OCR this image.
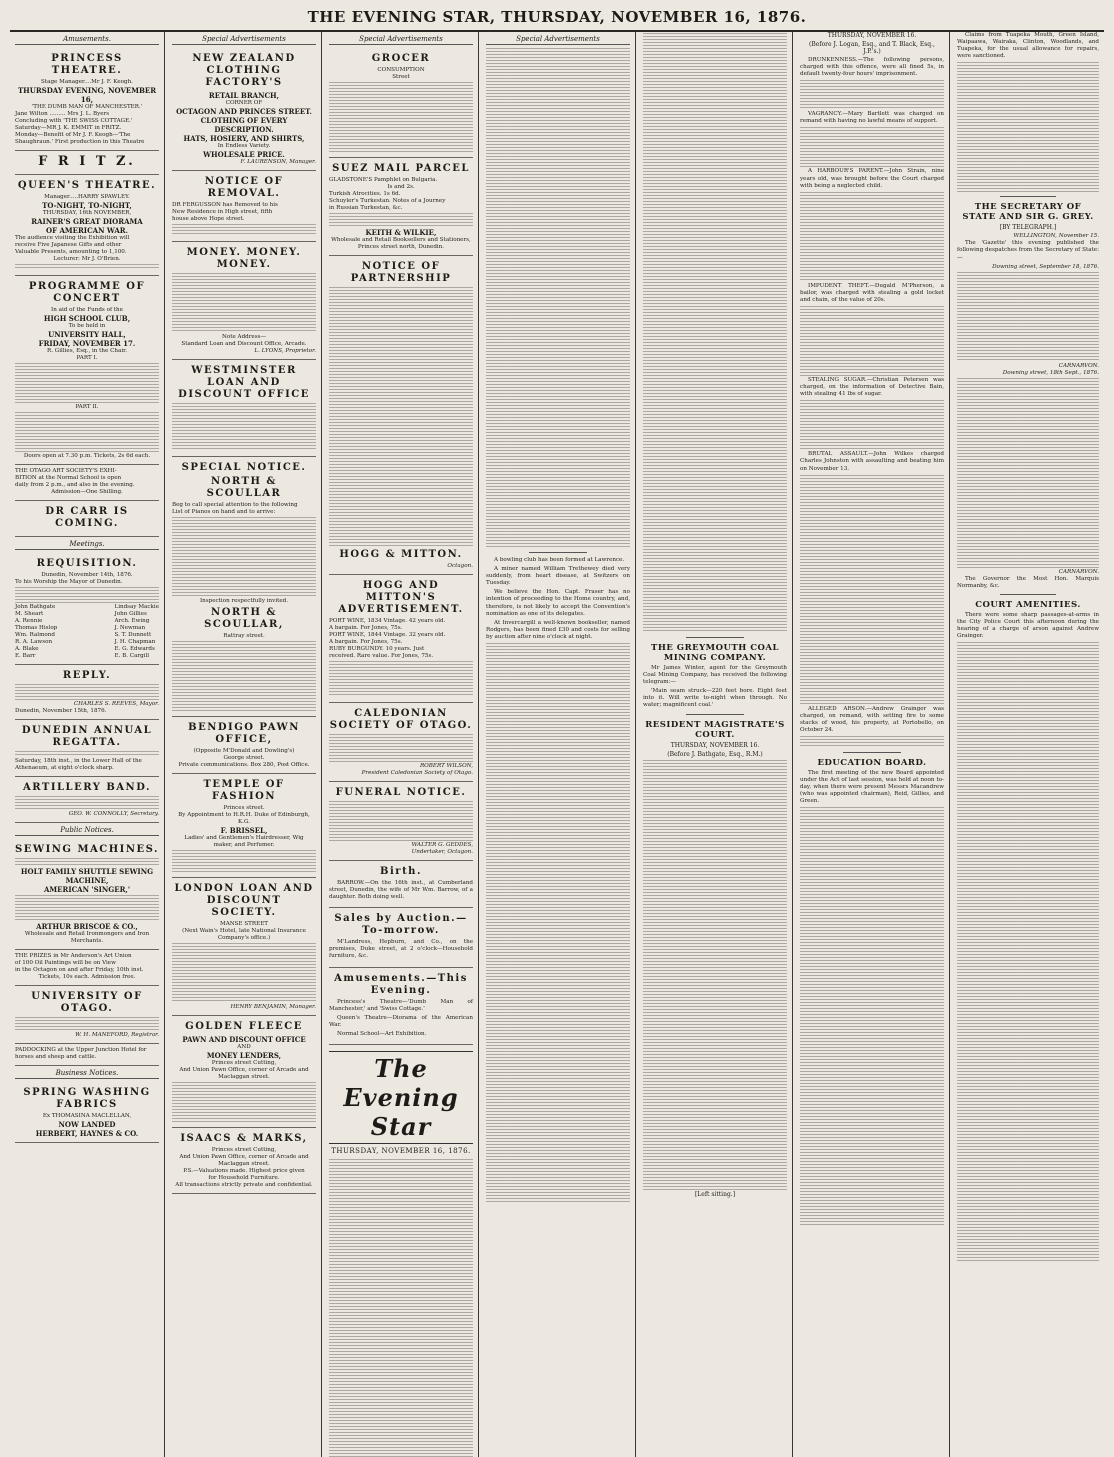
THE EVENING STAR, THURSDAY, NOVEMBER 16, 1876.
Amusements.
PRINCESS THEATRE.
Stage Manager....Mr J. F. Keogh.
THURSDAY EVENING, NOVEMBER 16,
'THE DUMB MAN OF MANCHESTER.'
Jane Wilton ......... Mrs J. L. Byers
Concluding with 'THE SWISS COTTAGE.'
Saturday—MR J. K. EMMIT in FRITZ.
Monday—Benefit of Mr J. F. Keogh—'The
Shaughraun.' First production in this Theatre
F R I T Z.
QUEEN'S THEATRE.
Manager.....HARRY SPAWLEY.
TO-NIGHT, TO-NIGHT,
THURSDAY, 16th NOVEMBER,
RAINER'S GREAT DIORAMA
OF AMERICAN WAR.
The audience visiting the Exhibition will
receive Five Japanese Gifts and other
Valuable Presents, amounting to 1,100.
Lecturer: Mr J. O'Brien.
PROGRAMME OF CONCERT
In aid of the Funds of the
HIGH SCHOOL CLUB,
To be held in
UNIVERSITY HALL,
FRIDAY, NOVEMBER 17.
R. Gillies, Esq., in the Chair.
PART I.
PART II.
Doors open at 7.30 p.m. Tickets, 2s 6d each.
THE OTAGO ART SOCIETY'S EXHI-
BITION at the Normal School is open
daily from 2 p.m., and also in the evening.
Admission—One Shilling.
DR CARR IS COMING.
Meetings.
REQUISITION.
Dunedin, November 14th, 1876.
To his Worship the Mayor of Dunedin.
John Bathgate
M. Sheart
A. Rennie
Thomas Hislop
Wm. Ralmond
R. A. Lawson
A. Blake
E. Barr
Lindsay Mackie
John Gillies
Arch. Ewing
J. Newman
S. T. Dunnett
J. H. Chapman
E. G. Edwards
E. B. Cargill
REPLY.
CHARLES S. REEVES, Mayor.
Dunedin, November 15th, 1876.
DUNEDIN ANNUAL REGATTA.
Saturday, 18th inst., in the Lower Hall of the Athenaeum, at eight o'clock sharp.
ARTILLERY BAND.
GEO. W. CONNOLLY, Secretary.
Public Notices.
SEWING MACHINES.
HOLT FAMILY SHUTTLE SEWING
MACHINE,
AMERICAN 'SINGER,'
ARTHUR BRISCOE & CO.,
Wholesale and Retail Ironmongers and Iron Merchants.
THE PRIZES in Mr Anderson's Art Union
of 100 Oil Paintings will be on View
in the Octagon on and after Friday, 10th inst.
Tickets, 10s each. Admission free.
UNIVERSITY OF OTAGO.
W. H. MANEFORD, Registrar.
PADDOCKING at the Upper Junction Hotel for horses and sheep and cattle.
Business Notices.
SPRING WASHING FABRICS
Ex THOMASINA MACLELLAN,
NOW LANDED
HERBERT, HAYNES & CO.
Special Advertisements
NEW ZEALAND CLOTHING FACTORY'S
RETAIL BRANCH,
CORNER OF
OCTAGON AND PRINCES STREET.
CLOTHING OF EVERY DESCRIPTION.
HATS, HOSIERY, AND SHIRTS,
In Endless Variety.
WHOLESALE PRICE.
F. LAURENSON, Manager.
NOTICE OF REMOVAL.
DR FERGUSSON has Removed to his
New Residence in High street, fifth
house above Hope street.
MONEY. MONEY. MONEY.
Note Address—
Standard Loan and Discount Office, Arcade.
L. LYONS, Proprietor.
WESTMINSTER LOAN AND DISCOUNT OFFICE
SPECIAL NOTICE.
NORTH & SCOULLAR
Beg to call special attention to the following
List of Pianos on hand and to arrive:
Inspection respectfully invited.
NORTH & SCOULLAR,
Rattray street.
BENDIGO PAWN OFFICE,
(Opposite M'Donald and Dowling's)
George street.
Private communications. Box 280, Post Office.
TEMPLE OF FASHION
Princes street.
By Appointment to H.R.H. Duke of Edinburgh, K.G.
F. BRISSEL,
Ladies' and Gentlemen's Hairdresser, Wig
maker, and Perfumer.
LONDON LOAN AND DISCOUNT SOCIETY.
MANSE STREET
(Next Wain's Hotel, late National Insurance
Company's office.)
HENRY BENJAMIN, Manager.
GOLDEN FLEECE
PAWN AND DISCOUNT OFFICE
AND
MONEY LENDERS,
Princes street Cutting,
And Union Pawn Office, corner of Arcade and
Maclaggan street.
ISAACS & MARKS,
Princes street Cutting,
And Union Pawn Office, corner of Arcade and
Maclaggan street.
P.S.—Valuations made. Highest price given
for Household Furniture.
All transactions strictly private and confidential.
Special Advertisements
GROCER
CONSUMPTION
Street
SUEZ MAIL PARCEL
GLADSTONE'S Pamphlet on Bulgaria.
Is and 2s.
Turkish Atrocities. 1s 6d.
Schuyler's Turkestan. Notes of a Journey
in Russian Turkestan, &c.
KEITH & WILKIE,
Wholesale and Retail Booksellers and Stationers,
Princes street north, Dunedin.
NOTICE OF PARTNERSHIP
HOGG & MITTON.
Octagon.
HOGG AND MITTON'S ADVERTISEMENT.
PORT WINE, 1834 Vintage. 42 years old.
A bargain. For Jones, 75s.
PORT WINE, 1844 Vintage. 32 years old.
A bargain. For Jones, 75s.
RUBY BURGUNDY. 10 years. Just
received. Rare value. For Jones, 75s.
CALEDONIAN SOCIETY OF OTAGO.
ROBERT WILSON,
President Caledonian Society of Otago.
FUNERAL NOTICE.
WALTER G. GEDDES,
Undertaker, Octagon.
Birth.
BARROW.—On the 16th inst., at Cumberland street, Dunedin, the wife of Mr Wm. Barrow, of a daughter. Both doing well.
Sales by Auction.—To-morrow.
M'Landress, Hepburn, and Co., on the premises, Duke street, at 2 o'clock—Household furniture, &c.
Amusements.—This Evening.
Princess's Theatre—'Dumb Man of Manchester,' and 'Swiss Cottage.'
Queen's Theatre—Diorama of the American War.
Normal School—Art Exhibition.
The Evening Star
THURSDAY, NOVEMBER 16, 1876.
Special Advertisements
A bowling club has been formed at Lawrence.
A miner named William Trethewey died very suddenly, from heart disease, at Switzers on Tuesday.
We believe the Hon. Capt. Fraser has no intention of proceeding to the Home country, and, therefore, is not likely to accept the Convention's nomination as one of its delegates.
At Invercargill a well-known bookseller, named Rodgers, has been fined £30 and costs for selling by auction after nine o'clock at night.
THE GREYMOUTH COAL MINING COMPANY.
Mr James Winter, agent for the Greymouth Coal Mining Company, has received the following telegram:—
'Main seam struck—220 feet bore. Eight feet into it. Will write to-night when through. No water; magnificent coal.'
RESIDENT MAGISTRATE'S COURT.
THURSDAY, NOVEMBER 16.
(Before J. Bathgate, Esq., R.M.)
[Left sitting.]
THURSDAY, NOVEMBER 16.
(Before J. Logan, Esq., and T. Black, Esq., J.P.'s.)
DRUNKENNESS.—The following persons, charged with this offence, were all fined 5s, in default twenty-four hours' imprisonment.
VAGRANCY.—Mary Bartlett was charged on remand with having no lawful means of support.
A HARBOUR'S PARENT.—John Strain, nine years old, was brought before the Court charged with being a neglected child.
IMPUDENT THEFT.—Dugald M'Pherson, a bailor, was charged with stealing a gold locket and chain, of the value of 20s.
STEALING SUGAR.—Christian Petersen was charged, on the information of Detective Bain, with stealing 41 lbs of sugar.
BRUTAL ASSAULT.—John Wilkes charged Charles Johnston with assaulting and beating him on November 13.
ALLEGED ARSON.—Andrew Grainger was charged, on remand, with setting fire to some stacks of wood, his property, at Portobello, on October 24.
EDUCATION BOARD.
The first meeting of the new Board appointed under the Act of last session, was held at noon to-day, when there were present Messrs Macandrew (who was appointed chairman), Reid, Gillies, and Green.
Claims from Tuapeka Mouth, Green Island, Waipaawa, Wairaka, Clinton, Woodlands, and Tuapeka, for the usual allowance for repairs, were sanctioned.
THE SECRETARY OF STATE AND SIR G. GREY.
[BY TELEGRAPH.]
WELLINGTON, November 15.
The 'Gazette' this evening published the following despatches from the Secretary of State:—
Downing street, September 18, 1876.
CARNARVON.
Downing street, 18th Sept., 1876.
CARNARVON.
The Governor the Most Hon. Marquis Normanby, &c.
COURT AMENITIES.
There were some sharp passages-at-arms in the City Police Court this afternoon during the hearing of a charge of arson against Andrew Grainger.
